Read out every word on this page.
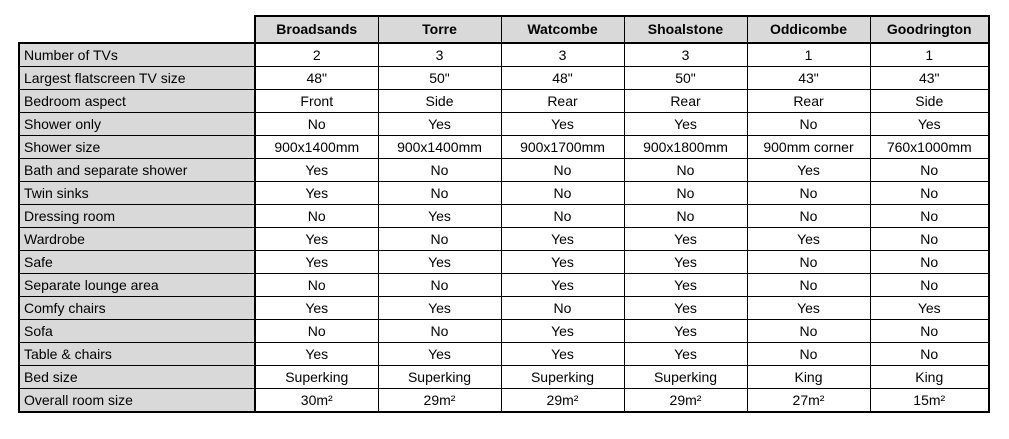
	Broadsands	Torre	Watcombe	Shoalstone	Oddicombe	Goodrington
Number of TVs	2	3	3	3	1	1
Largest flatscreen TV size	48"	50"	48"	50"	43"	43"
Bedroom aspect	Front	Side	Rear	Rear	Rear	Side
Shower only	No	Yes	Yes	Yes	No	Yes
Shower size	900x1400mm	900x1400mm	900x1700mm	900x1800mm	900mm corner	760x1000mm
Bath and separate shower	Yes	No	No	No	Yes	No
Twin sinks	Yes	No	No	No	No	No
Dressing room	No	Yes	No	No	No	No
Wardrobe	Yes	No	Yes	Yes	Yes	No
Safe	Yes	Yes	Yes	Yes	No	No
Separate lounge area	No	No	Yes	Yes	No	No
Comfy chairs	Yes	Yes	No	Yes	Yes	Yes
Sofa	No	No	Yes	Yes	No	No
Table & chairs	Yes	Yes	Yes	Yes	No	No
Bed size	Superking	Superking	Superking	Superking	King	King
Overall room size	30m²	29m²	29m²	29m²	27m²	15m²
